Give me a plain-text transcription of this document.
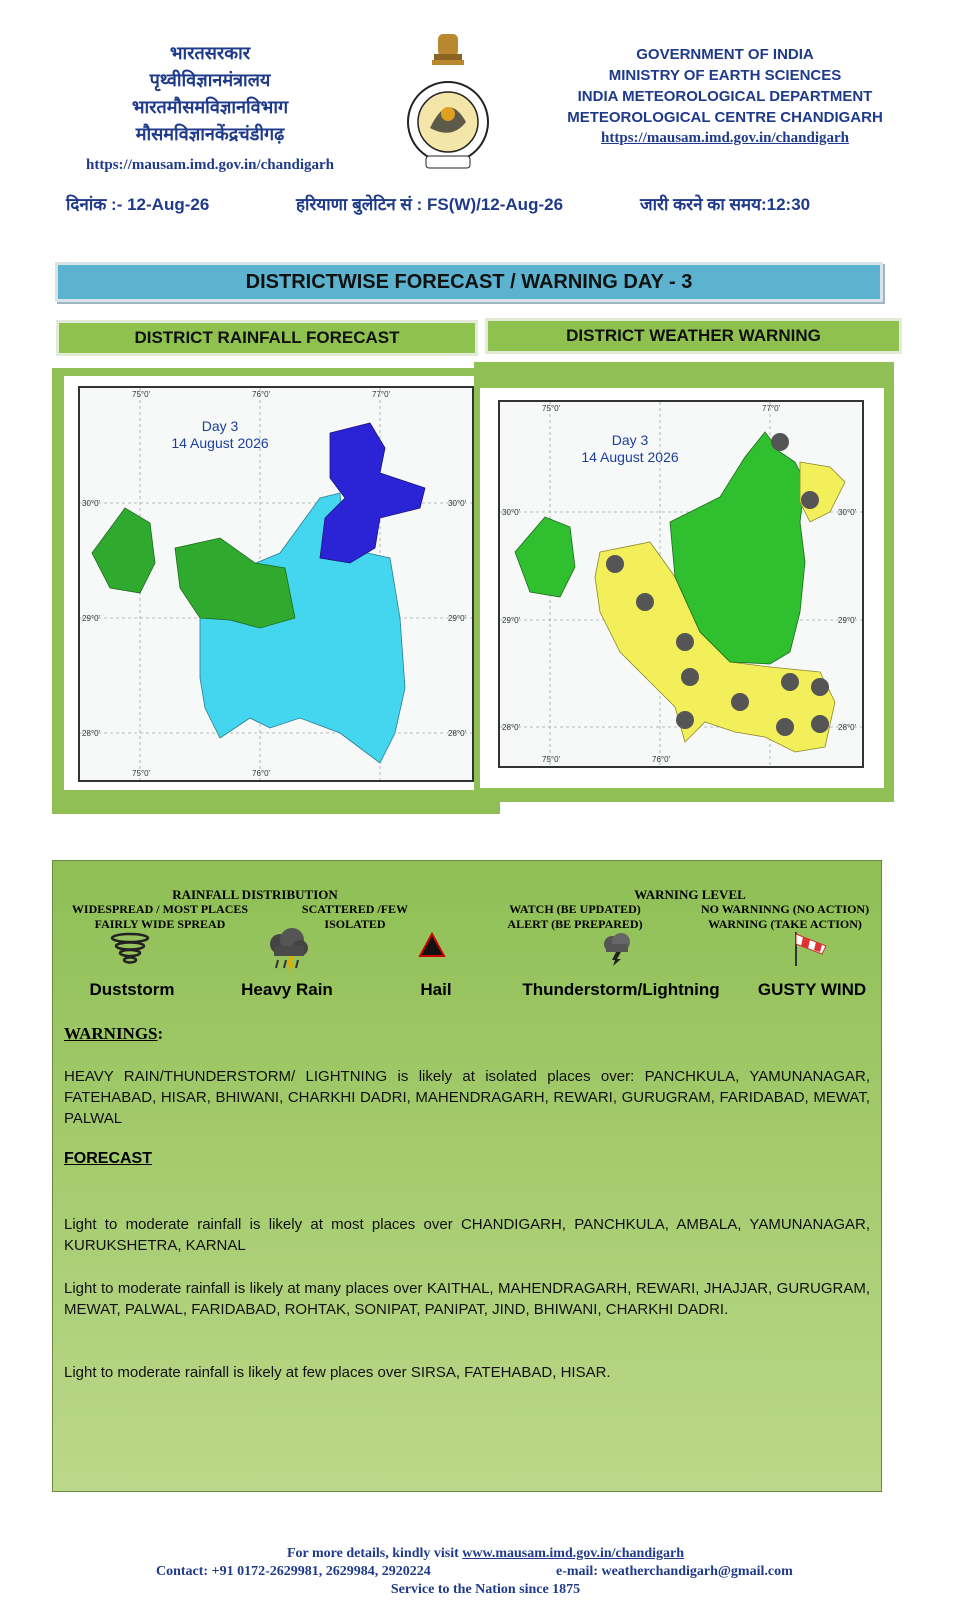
भारतसरकार
पृथ्वीविज्ञानमंत्रालय
भारतमौसमविज्ञानविभाग
मौसमविज्ञानकेंद्रचंडीगढ़
https://mausam.imd.gov.in/chandigarh
GOVERNMENT OF INDIA
MINISTRY OF EARTH SCIENCES
INDIA METEOROLOGICAL DEPARTMENT
METEOROLOGICAL CENTRE CHANDIGARH
https://mausam.imd.gov.in/chandigarh
दिनांक :- 12-Aug-26	हरियाणा बुलेटिन सं : FS(W)/12-Aug-26	जारी करने का समय:12:30
DISTRICTWISE FORECAST / WARNING DAY - 3
DISTRICT RAINFALL FORECAST	DISTRICT WEATHER WARNING
75°0'	76°0'	77°0'
75°0'	76°0'
30°0'
29°0'
28°0'
30°0'
29°0'
28°0'
Day 3
14 August 2026
75°0'	77°0'
75°0'	76°0'
30°0'
29°0'
28°0'
30°0'
29°0'
28°0'
Day 3
14 August 2026
RAINFALL DISTRIBUTION
WIDESPREAD / MOST PLACES
FAIRLY WIDE SPREAD
SCATTERED /FEW
ISOLATED
WARNING LEVEL
WATCH (BE UPDATED)
ALERT (BE PREPARED)
NO WARNINNG (NO ACTION)
WARNING (TAKE ACTION)
Duststorm	Heavy Rain	Hail	Thunderstorm/Lightning	GUSTY WIND
WARNINGS:
HEAVY RAIN/THUNDERSTORM/ LIGHTNING is likely at isolated places over: PANCHKULA, YAMUNANAGAR, FATEHABAD, HISAR, BHIWANI, CHARKHI DADRI, MAHENDRAGARH, REWARI, GURUGRAM, FARIDABAD, MEWAT, PALWAL
FORECAST
Light to moderate rainfall is likely at most places over CHANDIGARH, PANCHKULA, AMBALA, YAMUNANAGAR, KURUKSHETRA, KARNAL
Light to moderate rainfall is likely at many places over KAITHAL, MAHENDRAGARH, REWARI, JHAJJAR, GURUGRAM, MEWAT, PALWAL, FARIDABAD, ROHTAK, SONIPAT, PANIPAT, JIND, BHIWANI, CHARKHI DADRI.
Light to moderate rainfall is likely at few places over SIRSA, FATEHABAD, HISAR.
For more details, kindly visit www.mausam.imd.gov.in/chandigarh
Contact: +91 0172-2629981, 2629984, 2920224	e-mail: weatherchandigarh@gmail.com
Service to the Nation since 1875
